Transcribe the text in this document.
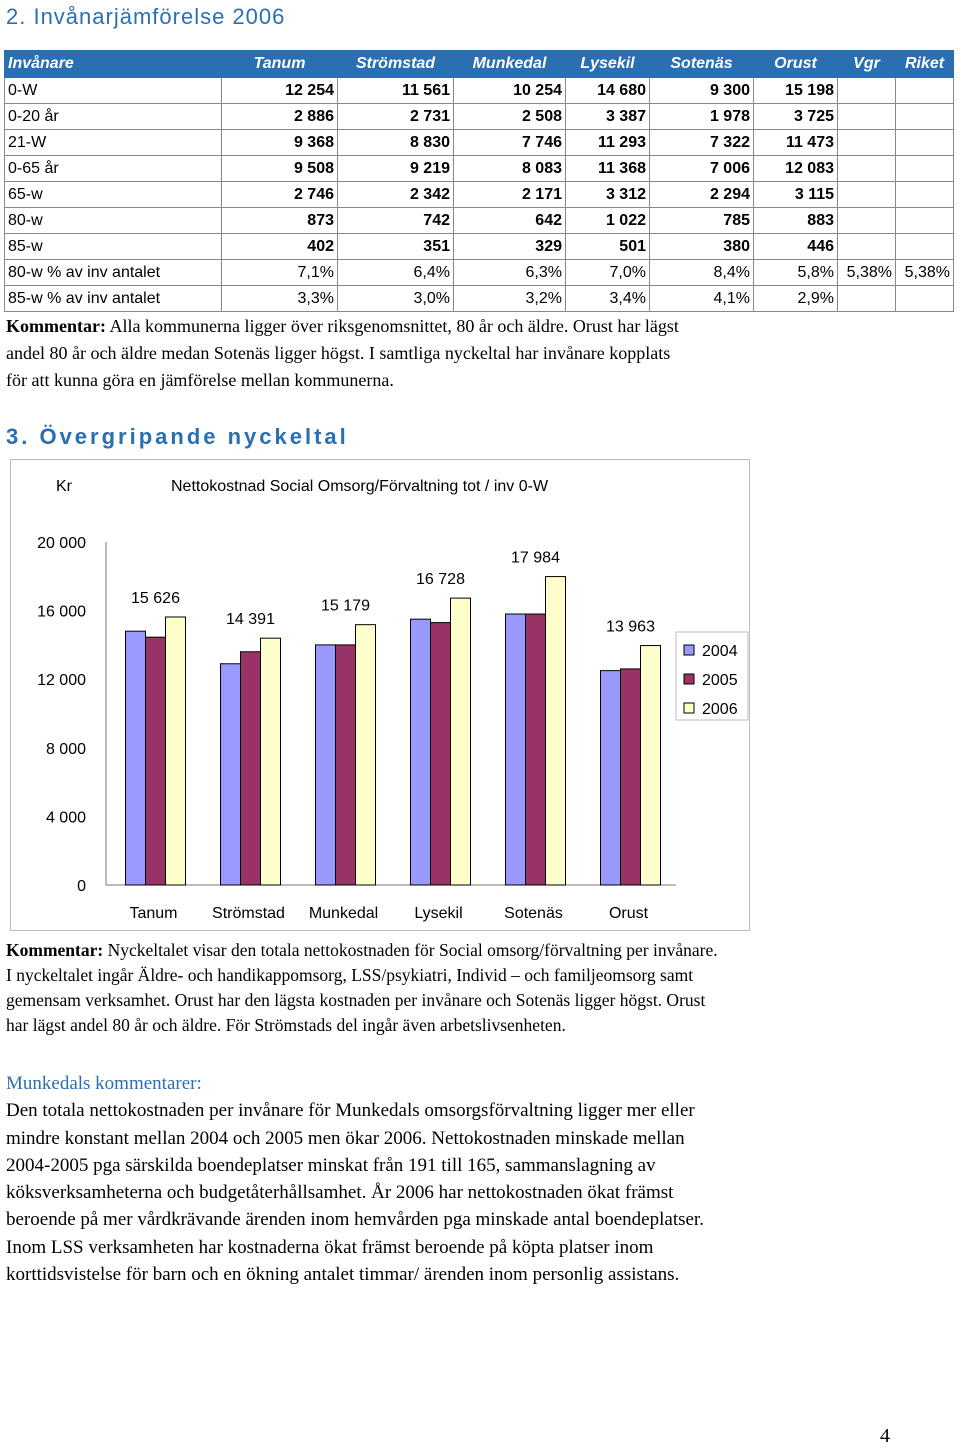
2. Invånarjämförelse 2006
Invånare	Tanum	Strömstad	Munkedal	Lysekil	Sotenäs	Orust	Vgr	Riket
0-W	12 254	11 561	10 254	14 680	9 300	15 198		
0-20 år	2 886	2 731	2 508	3 387	1 978	3 725		
21-W	9 368	8 830	7 746	11 293	7 322	11 473		
0-65 år	9 508	9 219	8 083	11 368	7 006	12 083		
65-w	2 746	2 342	2 171	3 312	2 294	3 115		
80-w	873	742	642	1 022	785	883		
85-w	402	351	329	501	380	446		
80-w % av inv antalet	7,1%	6,4%	6,3%	7,0%	8,4%	5,8%	5,38%	5,38%
85-w % av inv antalet	3,3%	3,0%	3,2%	3,4%	4,1%	2,9%		

Kommentar: Alla kommunerna ligger över riksgenomsnittet, 80 år och äldre. Orust har lägst
andel 80 år och äldre medan Sotenäs ligger högst. I samtliga nyckeltal har invånare kopplats
för att kunna göra en jämförelse mellan kommunerna.

3. Övergripande nyckeltal
Kr	Nettokostnad Social Omsorg/Förvaltning tot / inv 0-W
0
4 000
8 000
12 000
16 000
20 000
15 626
Tanum
14 391
Strömstad
15 179
Munkedal
16 728
Lysekil
17 984
Sotenäs
13 963
Orust
2004
2005
2006

Kommentar: Nyckeltalet visar den totala nettokostnaden för Social omsorg/förvaltning per invånare.
I nyckeltalet ingår Äldre- och handikappomsorg, LSS/psykiatri, Individ – och familjeomsorg samt
gemensam verksamhet. Orust har den lägsta kostnaden per invånare och Sotenäs ligger högst. Orust
har lägst andel 80 år och äldre. För Strömstads del ingår även arbetslivsenheten.

Munkedals kommentarer:
Den totala nettokostnaden per invånare för Munkedals omsorgsförvaltning ligger mer eller
mindre konstant mellan 2004 och 2005 men ökar 2006. Nettokostnaden minskade mellan
2004-2005 pga särskilda boendeplatser minskat från 191 till 165, sammanslagning av
köksverksamheterna och budgetåterhållsamhet. År 2006 har nettokostnaden ökat främst
beroende på mer vårdkrävande ärenden inom hemvården pga minskade antal boendeplatser.
Inom LSS verksamheten har kostnaderna ökat främst beroende på köpta platser inom
korttidsvistelse för barn och en ökning antalet timmar/ ärenden inom personlig assistans.

4
